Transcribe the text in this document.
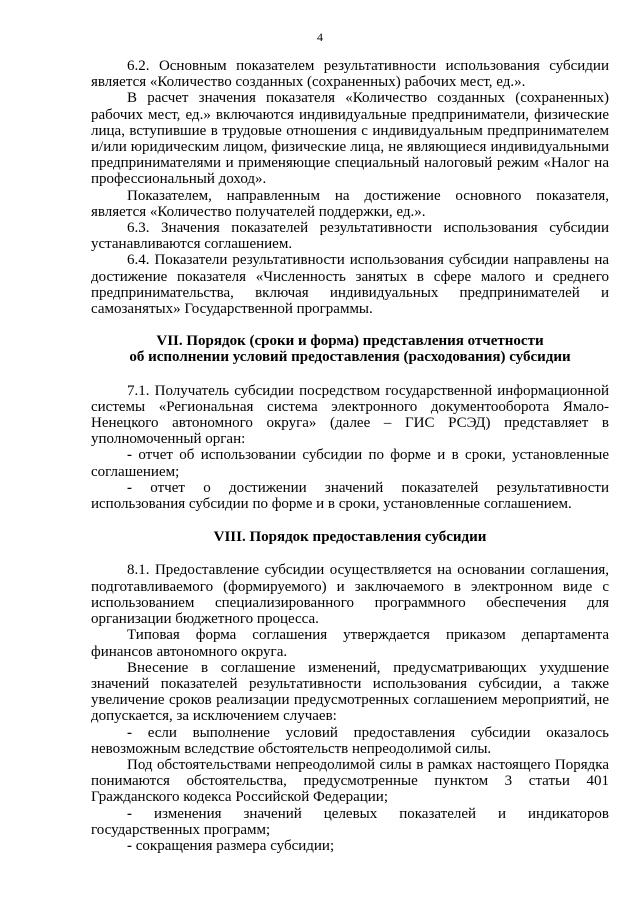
4

6.2. Основным показателем результативности использования субсидии является «Количество созданных (сохраненных) рабочих мест, ед.».

В расчет значения показателя «Количество созданных (сохраненных) рабочих мест, ед.» включаются индивидуальные предприниматели, физические лица, вступившие в трудовые отношения с индивидуальным предпринимателем и/или юридическим лицом, физические лица, не являющиеся индивидуальными предпринимателями и применяющие специальный налоговый режим «Налог на профессиональный доход».

Показателем, направленным на достижение основного показателя, является «Количество получателей поддержки, ед.».

6.3. Значения показателей результативности использования субсидии устанавливаются соглашением.

6.4. Показатели результативности использования субсидии направлены на достижение показателя «Численность занятых в сфере малого и среднего предпринимательства, включая индивидуальных предпринимателей и самозанятых» Государственной программы.

VII. Порядок (сроки и форма) представления отчетности
об исполнении условий предоставления (расходования) субсидии

7.1. Получатель субсидии посредством государственной информационной системы «Региональная система электронного документооборота Ямало-Ненецкого автономного округа» (далее – ГИС РСЭД) представляет в уполномоченный орган:

- отчет об использовании субсидии по форме и в сроки, установленные соглашением;

- отчет о достижении значений показателей результативности использования субсидии по форме и в сроки, установленные соглашением.

VIII. Порядок предоставления субсидии

8.1. Предоставление субсидии осуществляется на основании соглашения, подготавливаемого (формируемого) и заключаемого в электронном виде с использованием специализированного программного обеспечения для организации бюджетного процесса.

Типовая форма соглашения утверждается приказом департамента финансов автономного округа.

Внесение в соглашение изменений, предусматривающих ухудшение значений показателей результативности использования субсидии, а также увеличение сроков реализации предусмотренных соглашением мероприятий, не допускается, за исключением случаев:

- если выполнение условий предоставления субсидии оказалось невозможным вследствие обстоятельств непреодолимой силы.

Под обстоятельствами непреодолимой силы в рамках настоящего Порядка понимаются обстоятельства, предусмотренные пунктом 3 статьи 401 Гражданского кодекса Российской Федерации;

- изменения значений целевых показателей и индикаторов государственных программ;

- сокращения размера субсидии;
